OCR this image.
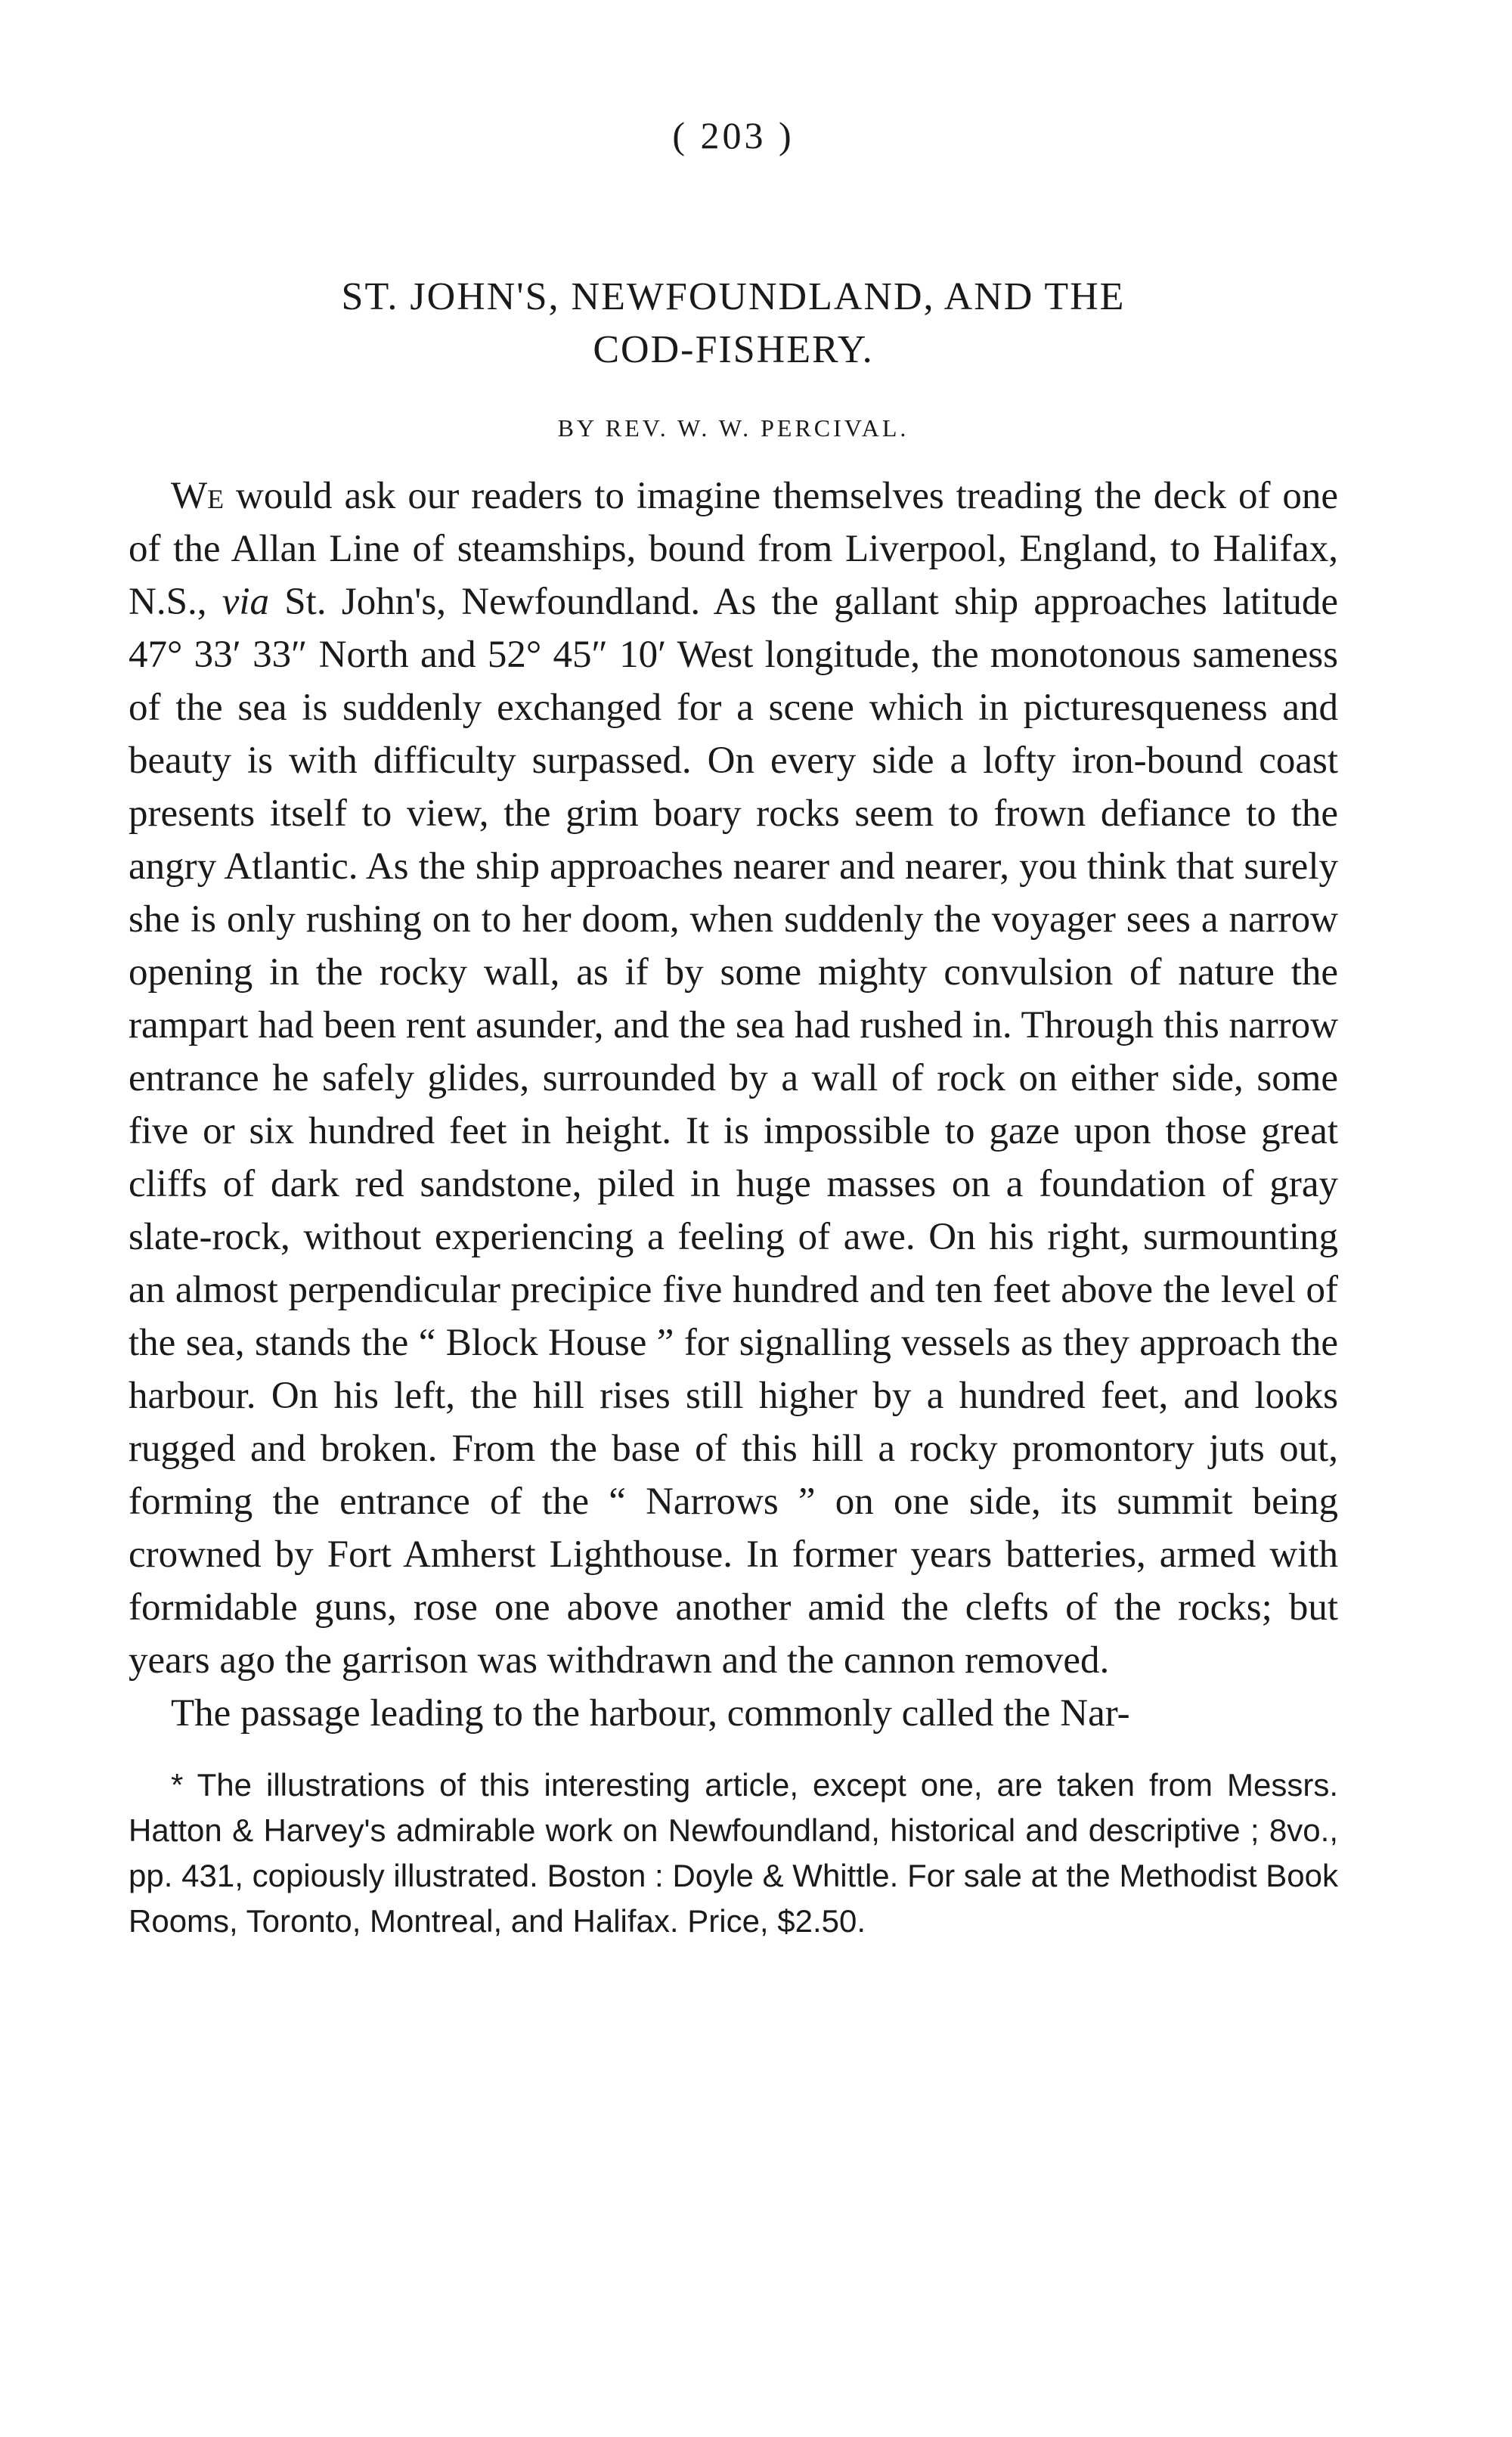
( 203 )
ST. JOHN'S, NEWFOUNDLAND, AND THE
COD-FISHERY.
BY REV. W. W. PERCIVAL.

We would ask our readers to imagine themselves treading the deck of one of the Allan Line of steamships, bound from Liverpool, England, to Halifax, N.S., via St. John's, Newfoundland. As the gallant ship approaches latitude 47° 33′ 33″ North and 52° 45″ 10′ West longitude, the monotonous sameness of the sea is suddenly exchanged for a scene which in picturesqueness and beauty is with difficulty surpassed. On every side a lofty iron-bound coast presents itself to view, the grim boary rocks seem to frown defiance to the angry Atlantic. As the ship approaches nearer and nearer, you think that surely she is only rushing on to her doom, when suddenly the voyager sees a narrow opening in the rocky wall, as if by some mighty convulsion of nature the rampart had been rent asunder, and the sea had rushed in. Through this narrow entrance he safely glides, surrounded by a wall of rock on either side, some five or six hundred feet in height. It is impossible to gaze upon those great cliffs of dark red sandstone, piled in huge masses on a foundation of gray slate-rock, without experiencing a feeling of awe. On his right, surmounting an almost perpendicular precipice five hundred and ten feet above the level of the sea, stands the “ Block House ” for signalling vessels as they approach the harbour. On his left, the hill rises still higher by a hundred feet, and looks rugged and broken. From the base of this hill a rocky promontory juts out, forming the entrance of the “ Narrows ” on one side, its summit being crowned by Fort Amherst Lighthouse. In former years batteries, armed with formidable guns, rose one above another amid the clefts of the rocks; but years ago the garrison was withdrawn and the cannon removed.

The passage leading to the harbour, commonly called the Nar-

* The illustrations of this interesting article, except one, are taken from Messrs. Hatton & Harvey's admirable work on Newfoundland, historical and descriptive ; 8vo., pp. 431, copiously illustrated. Boston : Doyle & Whittle. For sale at the Methodist Book Rooms, Toronto, Montreal, and Halifax. Price, $2.50.
